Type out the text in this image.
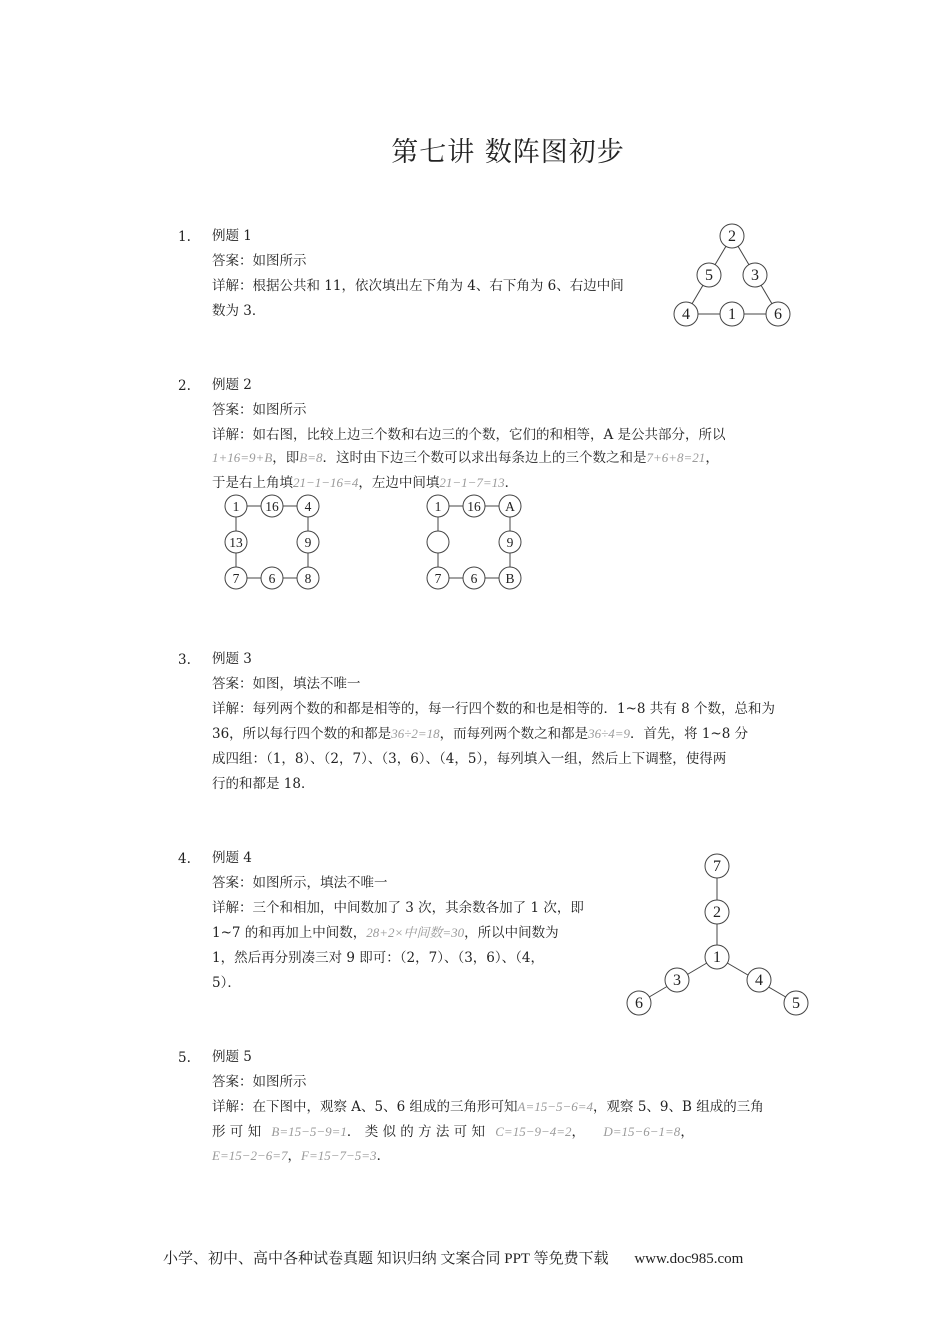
第七讲 数阵图初步
1. 例题 1
答案：如图所示
详解：根据公共和 11，依次填出左下角为 4、右下角为 6、右边中间
数为 3．
2
5 3
4 1 6
2. 例题 2
答案：如图所示
详解：如右图，比较上边三个数和右边三的个数，它们的和相等，A 是公共部分，所以
1+16=9+B，即B=8．这时由下边三个数可以求出每条边上的三个数之和是7+6+8=21，
于是右上角填21−1−16=4，左边中间填21−1−7=13．
1 16 4
13	9
7 6 8
1 16 A
9
7 6 B
3. 例题 3
答案：如图，填法不唯一
详解：每列两个数的和都是相等的，每一行四个数的和也是相等的．1~8 共有 8 个数，总和为
36，所以每行四个数的和都是36÷2=18，而每列两个数之和都是36÷4=9．首先，将 1~8 分
成四组：（1，8）、（2，7）、（3，6）、（4，5），每列填入一组，然后上下调整，使得两
行的和都是 18．
4. 例题 4
答案：如图所示，填法不唯一
详解：三个和相加，中间数加了 3 次，其余数各加了 1 次，即
1~7 的和再加上中间数，28+2×中间数=30，所以中间数为
1，然后再分别凑三对 9 即可：（2，7）、（3，6）、（4，
5）．
7
2
1
3
6
4
5
5. 例题 5
答案：如图所示
详解：在下图中，观察 A、5、6 组成的三角形可知A=15−5−6=4，观察 5、9、B 组成的三角
形 可 知 B=15−5−9=1． 类 似 的 方 法 可 知 C=15−9−4=2， D=15−6−1=8，
E=15−2−6=7，F=15−7−5=3．
小学、初中、高中各种试卷真题 知识归纳 文案合同 PPT 等免费下载 www.doc985.com
